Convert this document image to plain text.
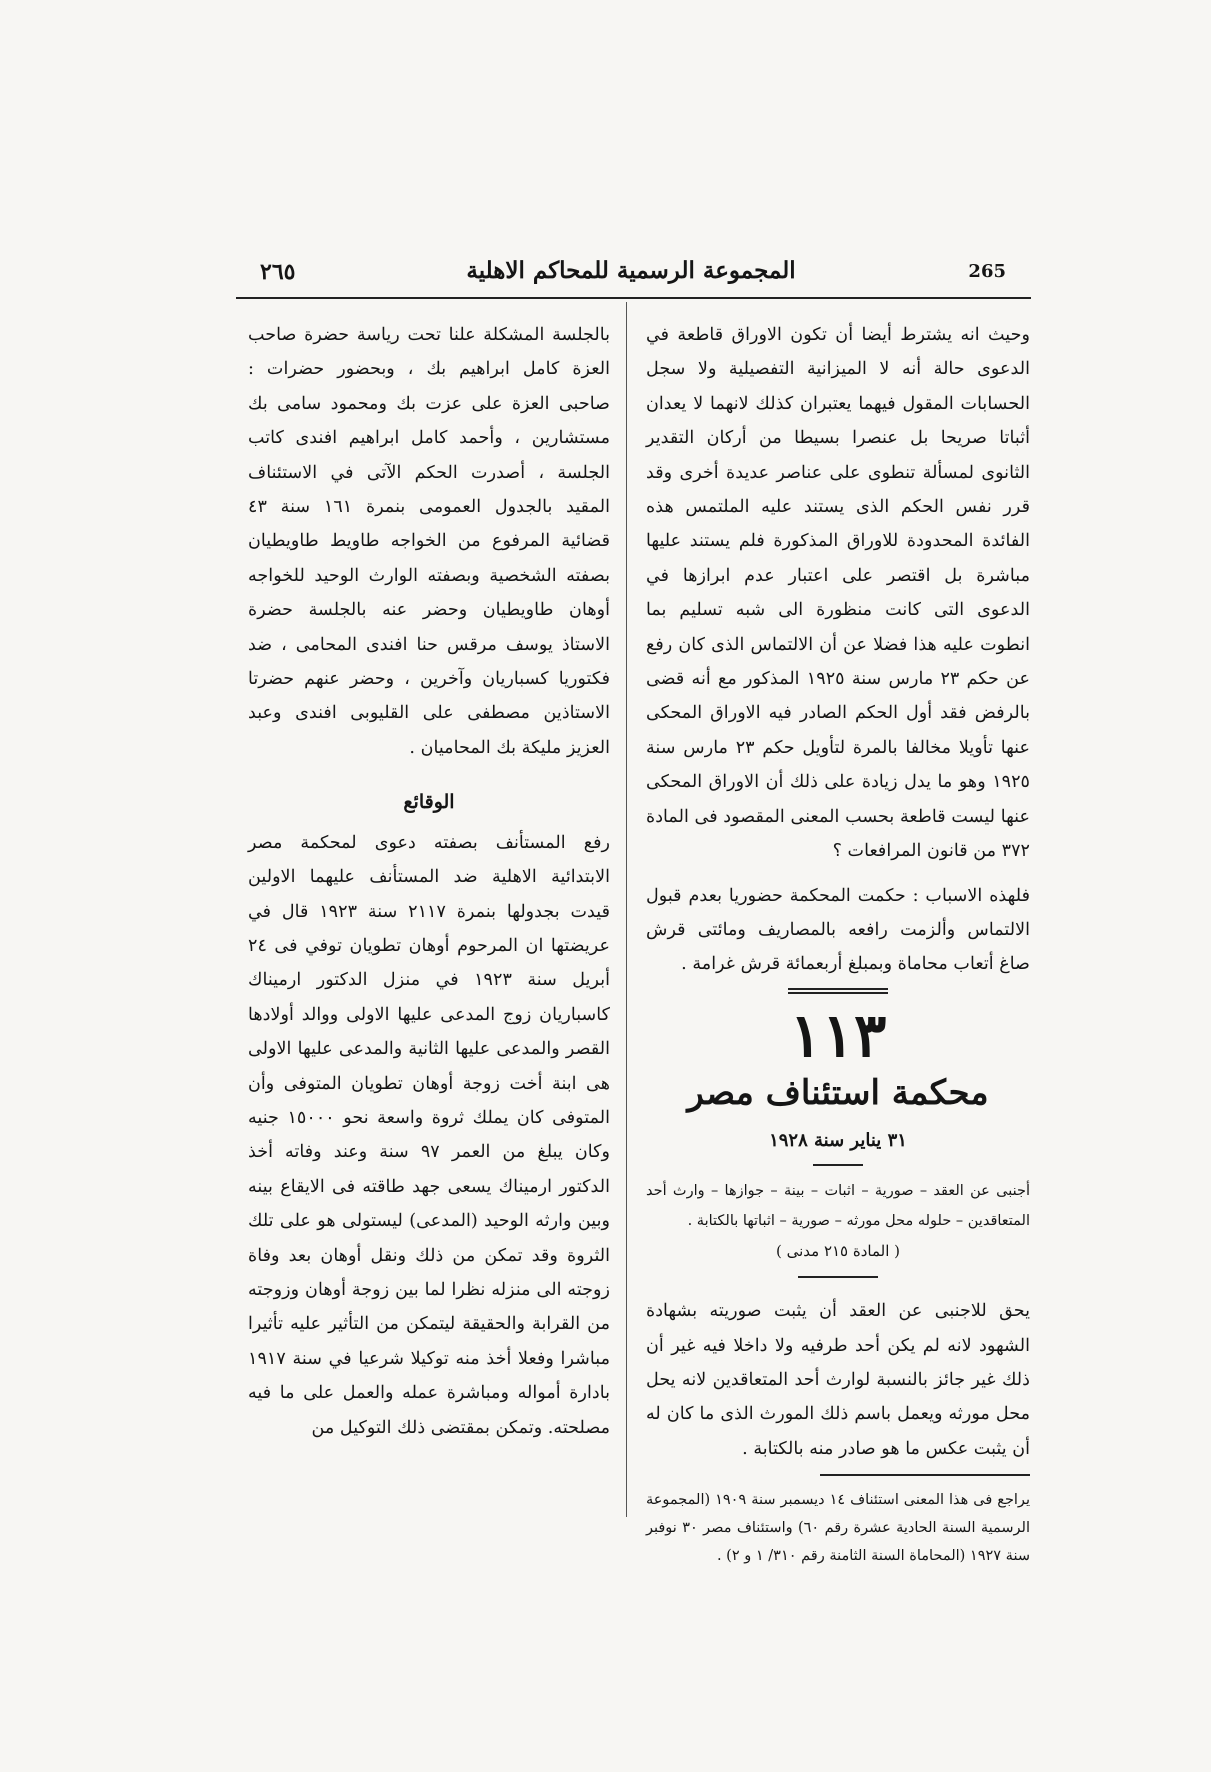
٢٦٥	المجموعة الرسمية للمحاكم الاهلية	265

وحيث انه يشترط أيضا أن تكون الاوراق قاطعة في الدعوى حالة أنه لا الميزانية التفصيلية ولا سجل الحسابات المقول فيهما يعتبران كذلك لانهما لا يعدان أثباتا صريحا بل عنصرا بسيطا من أركان التقدير الثانوى لمسألة تنطوى على عناصر عديدة أخرى وقد قرر نفس الحكم الذى يستند عليه الملتمس هذه الفائدة المحدودة للاوراق المذكورة فلم يستند عليها مباشرة بل اقتصر على اعتبار عدم ابرازها في الدعوى التى كانت منظورة الى شبه تسليم بما انطوت عليه هذا فضلا عن أن الالتماس الذى كان رفع عن حكم ٢٣ مارس سنة ١٩٢٥ المذكور مع أنه قضى بالرفض فقد أول الحكم الصادر فيه الاوراق المحكى عنها تأويلا مخالفا بالمرة لتأويل حكم ٢٣ مارس سنة ١٩٢٥ وهو ما يدل زيادة على ذلك أن الاوراق المحكى عنها ليست قاطعة بحسب المعنى المقصود فى المادة ٣٧٢ من قانون المرافعات ؟

فلهذه الاسباب : حكمت المحكمة حضوريا بعدم قبول الالتماس وألزمت رافعه بالمصاريف ومائتى قرش صاغ أتعاب محاماة وبمبلغ أربعمائة قرش غرامة ‏.

١١٣

محكمة استئناف مصر

٣١ يناير سنة ١٩٢٨

أجنبى عن العقد – صورية – اثبات – بينة – جوازها – وارث أحد المتعاقدين – حلوله محل مورثه – صورية – اثباتها بالكتابة ‏.

( المادة ٢١٥ مدنى )

يحق للاجنبى عن العقد أن يثبت صوريته بشهادة الشهود لانه لم يكن أحد طرفيه ولا داخلا فيه غير أن ذلك غير جائز بالنسبة لوارث أحد المتعاقدين لانه يحل محل مورثه ويعمل باسم ذلك المورث الذى ما كان له أن يثبت عكس ما هو صادر منه بالكتابة ‏.

يراجع فى هذا المعنى استئناف ١٤ ديسمبر سنة ١٩٠٩ (المجموعة الرسمية السنة الحادية عشرة رقم ٦٠) واستئناف مصر ٣٠ نوفبر سنة ١٩٢٧ (المحاماة السنة الثامنة رقم ٣١٠/ ١ و ٢) ‏.

بالجلسة المشكلة علنا تحت رياسة حضرة صاحب العزة كامل ابراهيم بك ، وبحضور حضرات : صاحبى العزة على عزت بك ومحمود سامى بك مستشارين ، وأحمد كامل ابراهيم افندى كاتب الجلسة ، أصدرت الحكم الآتى في الاستئناف المقيد بالجدول العمومى بنمرة ١٦١ سنة ٤٣ قضائية المرفوع من الخواجه طاويط طاويطيان بصفته الشخصية وبصفته الوارث الوحيد للخواجه أوهان طاويطيان وحضر عنه بالجلسة حضرة الاستاذ يوسف مرقس حنا افندى المحامى ، ضد فكتوريا كسباريان وآخرين ، وحضر عنهم حضرتا الاستاذين مصطفى على القليوبى افندى وعبد العزيز مليكة بك المحاميان ‏.

الوقائع

رفع المستأنف بصفته دعوى لمحكمة مصر الابتدائية الاهلية ضد المستأنف عليهما الاولين قيدت بجدولها بنمرة ٢١١٧ سنة ١٩٢٣ قال في عريضتها ان المرحوم أوهان تطويان توفي فى ٢٤ أبريل سنة ١٩٢٣ في منزل الدكتور ارميناك كاسباريان زوج المدعى عليها الاولى ووالد أولادها القصر والمدعى عليها الثانية والمدعى عليها الاولى هى ابنة أخت زوجة أوهان تطويان المتوفى وأن المتوفى كان يملك ثروة واسعة نحو ١٥٠٠٠ جنيه وكان يبلغ من العمر ٩٧ سنة وعند وفاته أخذ الدكتور ارميناك يسعى جهد طاقته فى الايقاع بينه وبين وارثه الوحيد (المدعى) ليستولى هو على تلك الثروة وقد تمكن من ذلك ونقل أوهان بعد وفاة زوجته الى منزله نظرا لما بين زوجة أوهان وزوجته من القرابة والحقيقة ليتمكن من التأثير عليه تأثيرا مباشرا وفعلا أخذ منه توكيلا شرعيا في سنة ١٩١٧ بادارة أمواله ومباشرة عمله والعمل على ما فيه مصلحته. وتمكن بمقتضى ذلك التوكيل من
